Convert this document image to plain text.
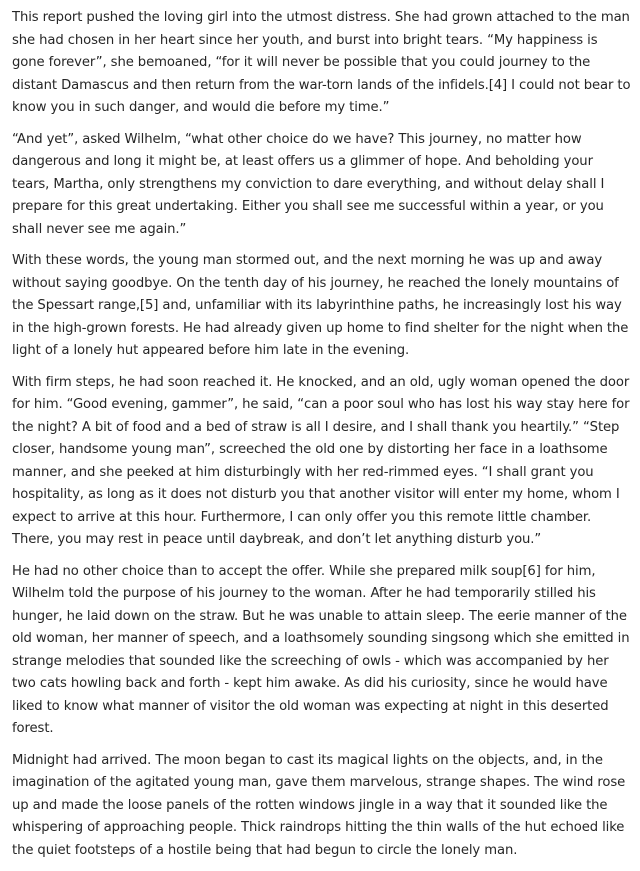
This report pushed the loving girl into the utmost distress. She had grown attached to the man she had chosen in her heart since her youth, and burst into bright tears. “My happiness is gone forever”, she bemoaned, “for it will never be possible that you could journey to the distant Damascus and then return from the war-torn lands of the infidels.[4] I could not bear to know you in such danger, and would die before my time.”

“And yet”, asked Wilhelm, “what other choice do we have? This journey, no matter how dangerous and long it might be, at least offers us a glimmer of hope. And beholding your tears, Martha, only strengthens my conviction to dare everything, and without delay shall I prepare for this great undertaking. Either you shall see me successful within a year, or you shall never see me again.”

With these words, the young man stormed out, and the next morning he was up and away without saying goodbye. On the tenth day of his journey, he reached the lonely mountains of the Spessart range,[5] and, unfamiliar with its labyrinthine paths, he increasingly lost his way in the high-grown forests. He had already given up home to find shelter for the night when the light of a lonely hut appeared before him late in the evening.

With firm steps, he had soon reached it. He knocked, and an old, ugly woman opened the door for him. “Good evening, gammer”, he said, “can a poor soul who has lost his way stay here for the night? A bit of food and a bed of straw is all I desire, and I shall thank you heartily.” “Step closer, handsome young man”, screeched the old one by distorting her face in a loathsome manner, and she peeked at him disturbingly with her red-rimmed eyes. “I shall grant you hospitality, as long as it does not disturb you that another visitor will enter my home, whom I expect to arrive at this hour. Furthermore, I can only offer you this remote little chamber. There, you may rest in peace until daybreak, and don’t let anything disturb you.”

He had no other choice than to accept the offer. While she prepared milk soup[6] for him, Wilhelm told the purpose of his journey to the woman. After he had temporarily stilled his hunger, he laid down on the straw. But he was unable to attain sleep. The eerie manner of the old woman, her manner of speech, and a loathsomely sounding singsong which she emitted in strange melodies that sounded like the screeching of owls - which was accompanied by her two cats howling back and forth - kept him awake. As did his curiosity, since he would have liked to know what manner of visitor the old woman was expecting at night in this deserted forest.

Midnight had arrived. The moon began to cast its magical lights on the objects, and, in the imagination of the agitated young man, gave them marvelous, strange shapes. The wind rose up and made the loose panels of the rotten windows jingle in a way that it sounded like the whispering of approaching people. Thick raindrops hitting the thin walls of the hut echoed like the quiet footsteps of a hostile being that had begun to circle the lonely man.
